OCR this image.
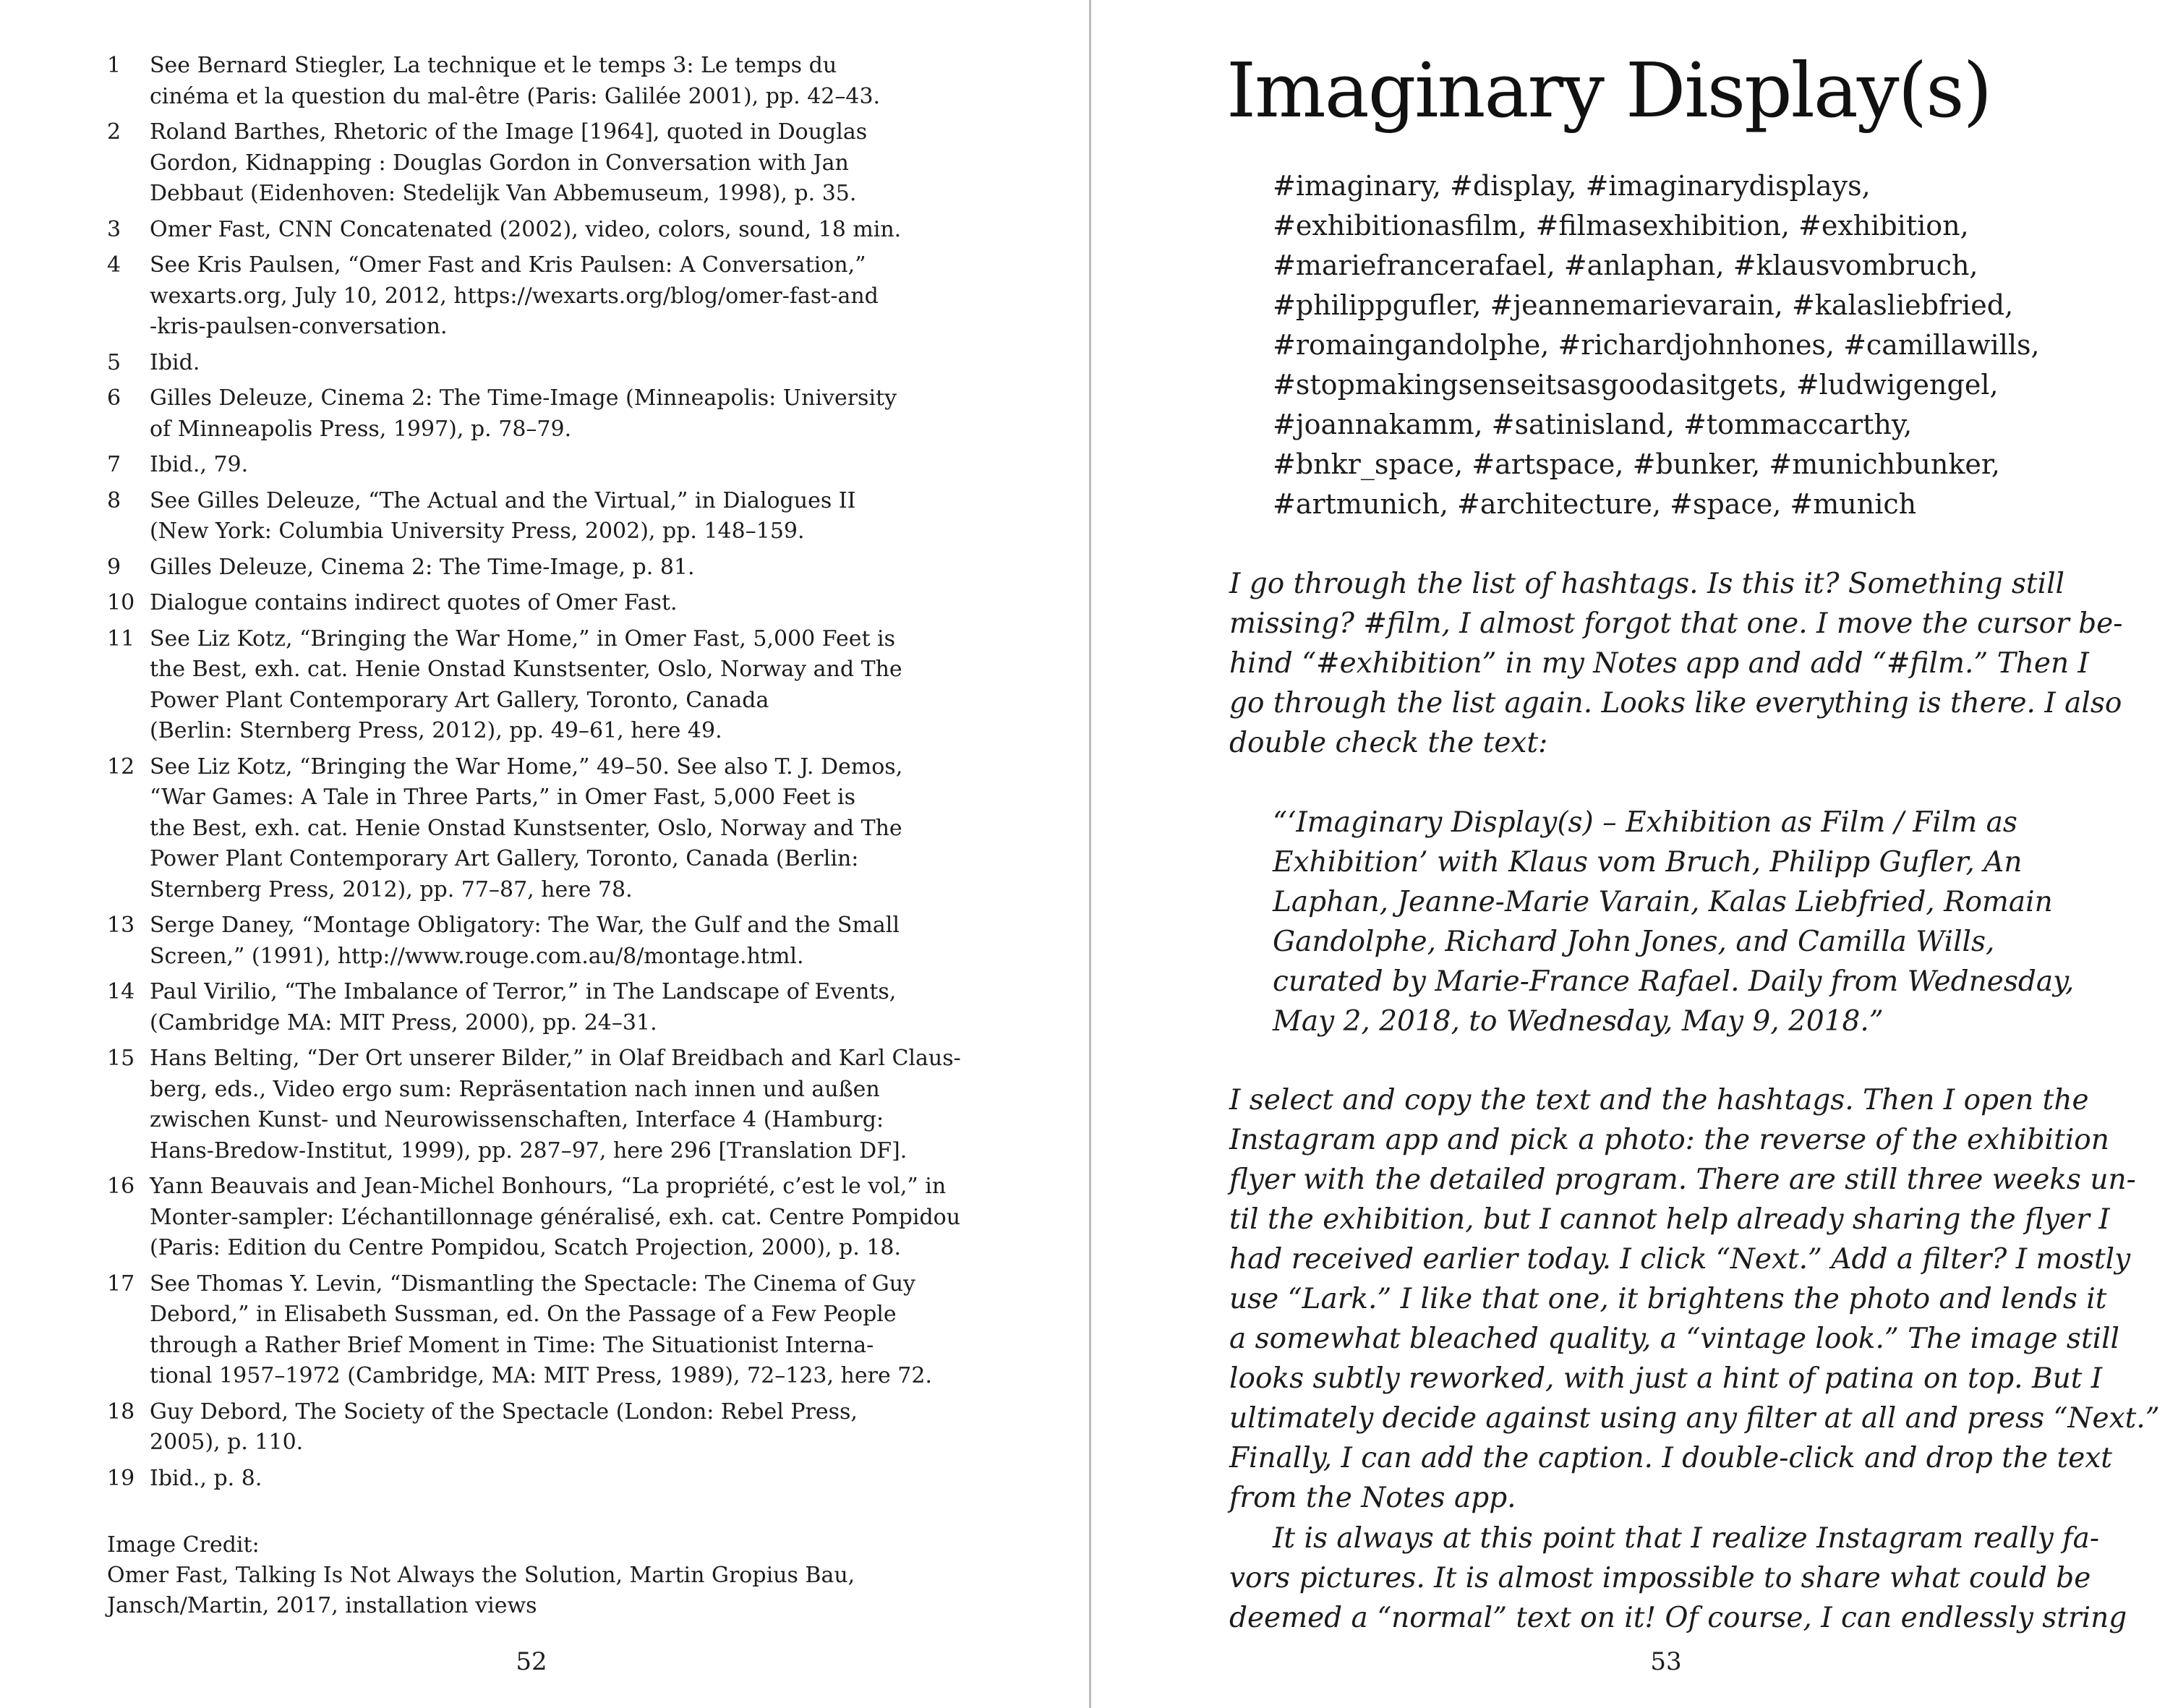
1	See Bernard Stiegler, La technique et le temps 3: Le temps du
cinéma et la question du mal-être (Paris: Galilée 2001), pp. 42–43.
2	Roland Barthes, Rhetoric of the Image [1964], quoted in Douglas
Gordon, Kidnapping : Douglas Gordon in Conversation with Jan
Debbaut (Eidenhoven: Stedelijk Van Abbemuseum, 1998), p. 35.
3	Omer Fast, CNN Concatenated (2002), video, colors, sound, 18 min.
4	See Kris Paulsen, “Omer Fast and Kris Paulsen: A Conversation,”
wexarts.org, July 10, 2012, https://wexarts.org/blog/omer-fast-and
-kris-paulsen-conversation.
5	Ibid.
6	Gilles Deleuze, Cinema 2: The Time-Image (Minneapolis: University
of Minneapolis Press, 1997), p. 78–79.
7	Ibid., 79.
8	See Gilles Deleuze, “The Actual and the Virtual,” in Dialogues II
(New York: Columbia University Press, 2002), pp. 148–159.
9	Gilles Deleuze, Cinema 2: The Time-Image, p. 81.
10 Dialogue contains indirect quotes of Omer Fast.
11 See Liz Kotz, “Bringing the War Home,” in Omer Fast, 5,000 Feet is
the Best, exh. cat. Henie Onstad Kunstsenter, Oslo, Norway and The
Power Plant Contemporary Art Gallery, Toronto, Canada
(Berlin: Sternberg Press, 2012), pp. 49–61, here 49.
12 See Liz Kotz, “Bringing the War Home,” 49–50. See also T. J. Demos,
“War Games: A Tale in Three Parts,” in Omer Fast, 5,000 Feet is
the Best, exh. cat. Henie Onstad Kunstsenter, Oslo, Norway and The
Power Plant Contemporary Art Gallery, Toronto, Canada (Berlin:
Sternberg Press, 2012), pp. 77–87, here 78.
13 Serge Daney, “Montage Obligatory: The War, the Gulf and the Small
Screen,” (1991), http://www.rouge.com.au/8/montage.html.
14 Paul Virilio, “The Imbalance of Terror,” in The Landscape of Events,
(Cambridge MA: MIT Press, 2000), pp. 24–31.
15 Hans Belting, “Der Ort unserer Bilder,” in Olaf Breidbach and Karl Claus-
berg, eds., Video ergo sum: Repräsentation nach innen und außen
zwischen Kunst- und Neurowissenschaften, Interface 4 (Hamburg:
Hans-Bredow-Institut, 1999), pp. 287–97, here 296 [Translation DF].
16 Yann Beauvais and Jean-Michel Bonhours, “La propriété, c’est le vol,” in
Monter-sampler: L’échantillonnage généralisé, exh. cat. Centre Pompidou
(Paris: Edition du Centre Pompidou, Scatch Projection, 2000), p. 18.
17 See Thomas Y. Levin, “Dismantling the Spectacle: The Cinema of Guy
Debord,” in Elisabeth Sussman, ed. On the Passage of a Few People
through a Rather Brief Moment in Time: The Situationist Interna-
tional 1957–1972 (Cambridge, MA: MIT Press, 1989), 72–123, here 72.
18 Guy Debord, The Society of the Spectacle (London: Rebel Press,
2005), p. 110.
19 Ibid., p. 8.
Image Credit:
Omer Fast, Talking Is Not Always the Solution, Martin Gropius Bau,
Jansch/Martin, 2017, installation views
52
Imaginary Display(s)
#imaginary, #display, #imaginarydisplays,
#exhibitionasfilm, #filmasexhibition, #exhibition,
#mariefrancerafael, #anlaphan, #klausvombruch,
#philippgufler, #jeannemarievarain, #kalasliebfried,
#romaingandolphe, #richardjohnhones, #camillawills,
#stopmakingsenseitsasgoodasitgets, #ludwigengel,
#joannakamm, #satinisland, #tommaccarthy,
#bnkr_space, #artspace, #bunker, #munichbunker,
#artmunich, #architecture, #space, #munich
I go through the list of hashtags. Is this it? Something still
missing? #film, I almost forgot that one. I move the cursor be-
hind “#exhibition” in my Notes app and add “#film.” Then I
go through the list again. Looks like everything is there. I also
double check the text:
“‘Imaginary Display(s) – Exhibition as Film / Film as
Exhibition’ with Klaus vom Bruch, Philipp Gufler, An
Laphan, Jeanne-Marie Varain, Kalas Liebfried, Romain
Gandolphe, Richard John Jones, and Camilla Wills,
curated by Marie-France Rafael. Daily from Wednesday,
May 2, 2018, to Wednesday, May 9, 2018.”
I select and copy the text and the hashtags. Then I open the
Instagram app and pick a photo: the reverse of the exhibition
flyer with the detailed program. There are still three weeks un-
til the exhibition, but I cannot help already sharing the flyer I
had received earlier today. I click “Next.” Add a filter? I mostly
use “Lark.” I like that one, it brightens the photo and lends it
a somewhat bleached quality, a “vintage look.” The image still
looks subtly reworked, with just a hint of patina on top. But I
ultimately decide against using any filter at all and press “Next.”
Finally, I can add the caption. I double-click and drop the text
from the Notes app.
It is always at this point that I realize Instagram really fa-
vors pictures. It is almost impossible to share what could be
deemed a “normal” text on it! Of course, I can endlessly string
53
